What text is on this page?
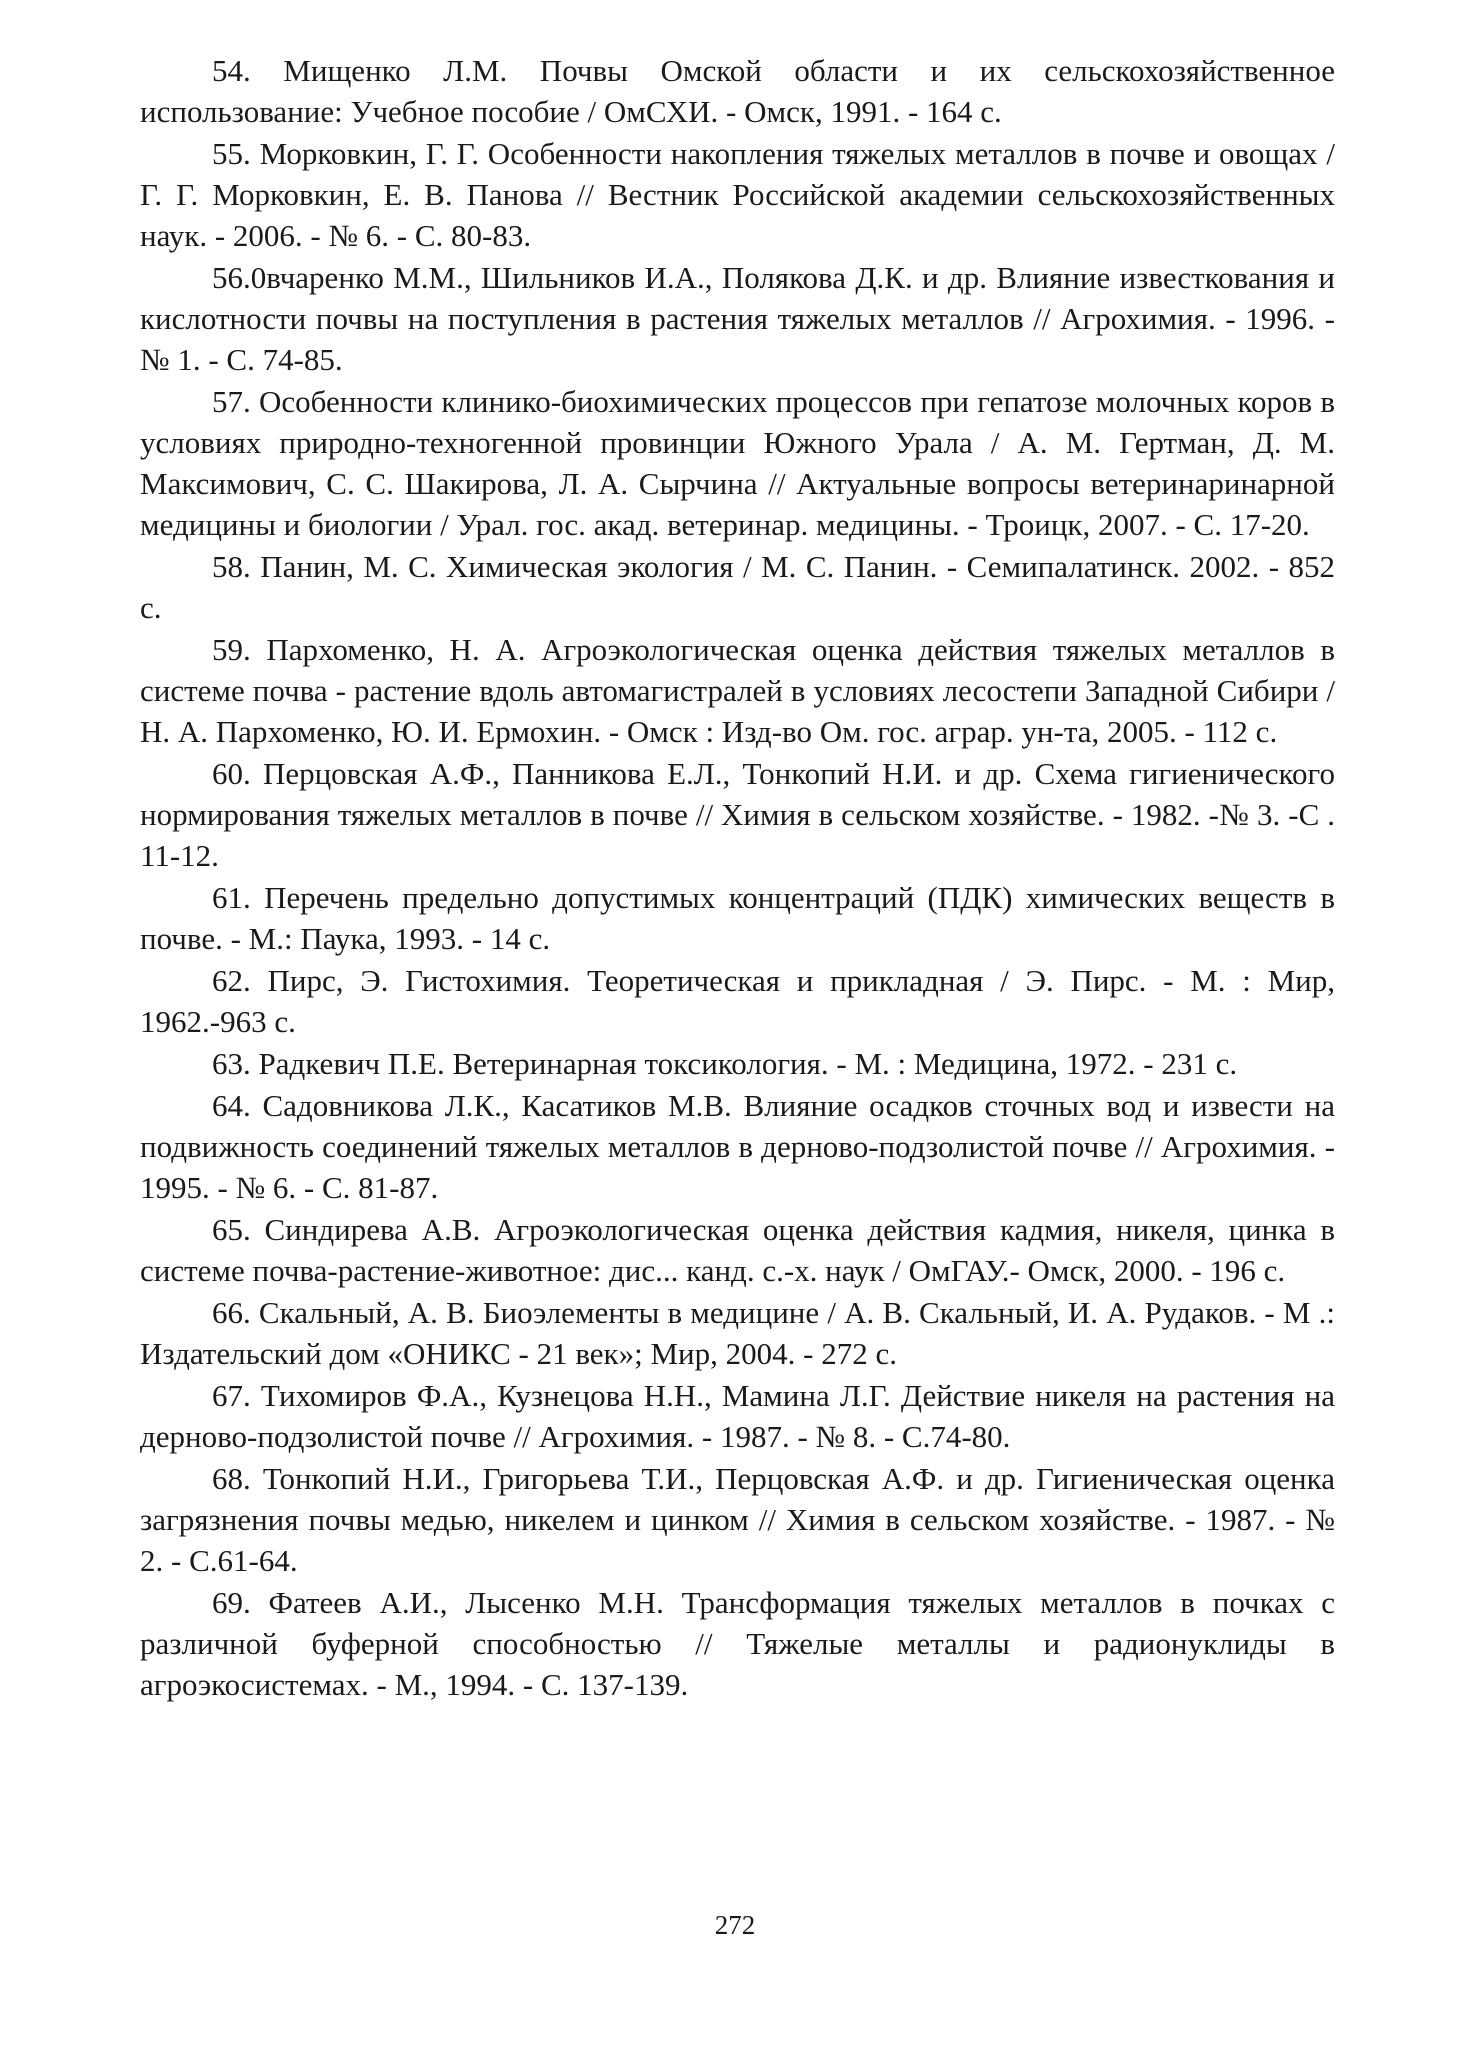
54. Мищенко Л.М. Почвы Омской области и их сельскохозяйственное использование: Учебное пособие / ОмСХИ. - Омск, 1991. - 164 с.
55. Морковкин, Г. Г. Особенности накопления тяжелых металлов в почве и овощах / Г. Г. Морковкин, Е. В. Панова // Вестник Российской академии сельскохозяйственных наук. - 2006. - № 6. - С. 80-83.
56.0вчаренко М.М., Шильников И.А., Полякова Д.К. и др. Влияние известкования и кислотности почвы на поступления в растения тяжелых металлов // Агрохимия. - 1996. - № 1. - С. 74-85.
57. Особенности клинико-биохимических процессов при гепатозе молочных коров в условиях природно-техногенной провинции Южного Урала / А. М. Гертман, Д. М. Максимович, С. С. Шакирова, Л. А. Сырчина // Актуальные вопросы ветеринаринарной медицины и биологии / Урал. гос. акад. ветеринар. медицины. - Троицк, 2007. - С. 17-20.
58. Панин, М. С. Химическая экология / М. С. Панин. - Семипалатинск. 2002. - 852 с.
59. Пархоменко, Н. А. Агроэкологическая оценка действия тяжелых металлов в системе почва - растение вдоль автомагистралей в условиях лесостепи Западной Сибири / Н. А. Пархоменко, Ю. И. Ермохин. - Омск : Изд-во Ом. гос. аграр. ун-та, 2005. - 112 с.
60. Перцовская А.Ф., Панникова Е.Л., Тонкопий Н.И. и др. Схема гигиенического нормирования тяжелых металлов в почве // Химия в сельском хозяйстве. - 1982. -№ 3. -С . 11-12.
61. Перечень предельно допустимых концентраций (ПДК) химических веществ в почве. - М.: Паука, 1993. - 14 с.
62. Пирс, Э. Гистохимия. Теоретическая и прикладная / Э. Пирс. - М. : Мир, 1962.-963 с.
63. Радкевич П.Е. Ветеринарная токсикология. - М. : Медицина, 1972. - 231 с.
64. Садовникова Л.К., Касатиков М.В. Влияние осадков сточных вод и извести на подвижность соединений тяжелых металлов в дерново-подзолистой почве // Агрохимия. - 1995. - № 6. - С. 81-87.
65. Синдирева А.В. Агроэкологическая оценка действия кадмия, никеля, цинка в системе почва-растение-животное: дис... канд. с.-х. наук / ОмГАУ.- Омск, 2000. - 196 с.
66. Скальный, А. В. Биоэлементы в медицине / А. В. Скальный, И. А. Рудаков. - М .: Издательский дом «ОНИКС - 21 век»; Мир, 2004. - 272 с.
67. Тихомиров Ф.А., Кузнецова Н.Н., Мамина Л.Г. Действие никеля на растения на дерново-подзолистой почве // Агрохимия. - 1987. - № 8. - С.74-80.
68. Тонкопий Н.И., Григорьева Т.И., Перцовская А.Ф. и др. Гигиеническая оценка загрязнения почвы медью, никелем и цинком // Химия в сельском хозяйстве. - 1987. - № 2. - С.61-64.
69. Фатеев А.И., Лысенко М.Н. Трансформация тяжелых металлов в почках с различной буферной способностью // Тяжелые металлы и радионуклиды в агроэкосистемах. - М., 1994. - С. 137-139.
272
